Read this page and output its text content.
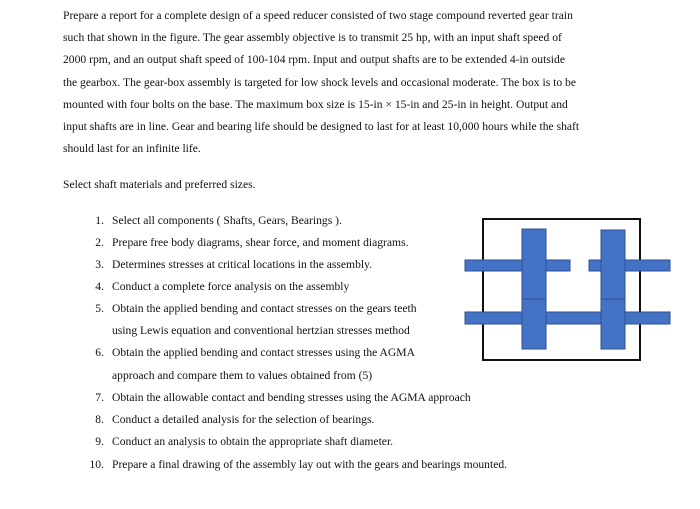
Prepare a report for a complete design of a speed reducer consisted of two stage compound reverted gear train
such that shown in the figure. The gear assembly objective is to transmit 25 hp, with an input shaft speed of
2000 rpm, and an output shaft speed of 100-104 rpm. Input and output shafts are to be extended 4-in outside
the gearbox. The gear-box assembly is targeted for low shock levels and occasional moderate. The box is to be
mounted with four bolts on the base. The maximum box size is 15-in × 15-in and 25-in in height. Output and
input shafts are in line. Gear and bearing life should be designed to last for at least 10,000 hours while the shaft
should last for an infinite life.

Select shaft materials and preferred sizes.

1. Select all components ( Shafts, Gears, Bearings ).
2. Prepare free body diagrams, shear force, and moment diagrams.
3. Determines stresses at critical locations in the assembly.
4. Conduct a complete force analysis on the assembly
5. Obtain the applied bending and contact stresses on the gears teeth
using Lewis equation and conventional hertzian stresses method
6. Obtain the applied bending and contact stresses using the AGMA
approach and compare them to values obtained from (5)
7. Obtain the allowable contact and bending stresses using the AGMA approach
8. Conduct a detailed analysis for the selection of bearings.
9. Conduct an analysis to obtain the appropriate shaft diameter.
10. Prepare a final drawing of the assembly lay out with the gears and bearings mounted.
